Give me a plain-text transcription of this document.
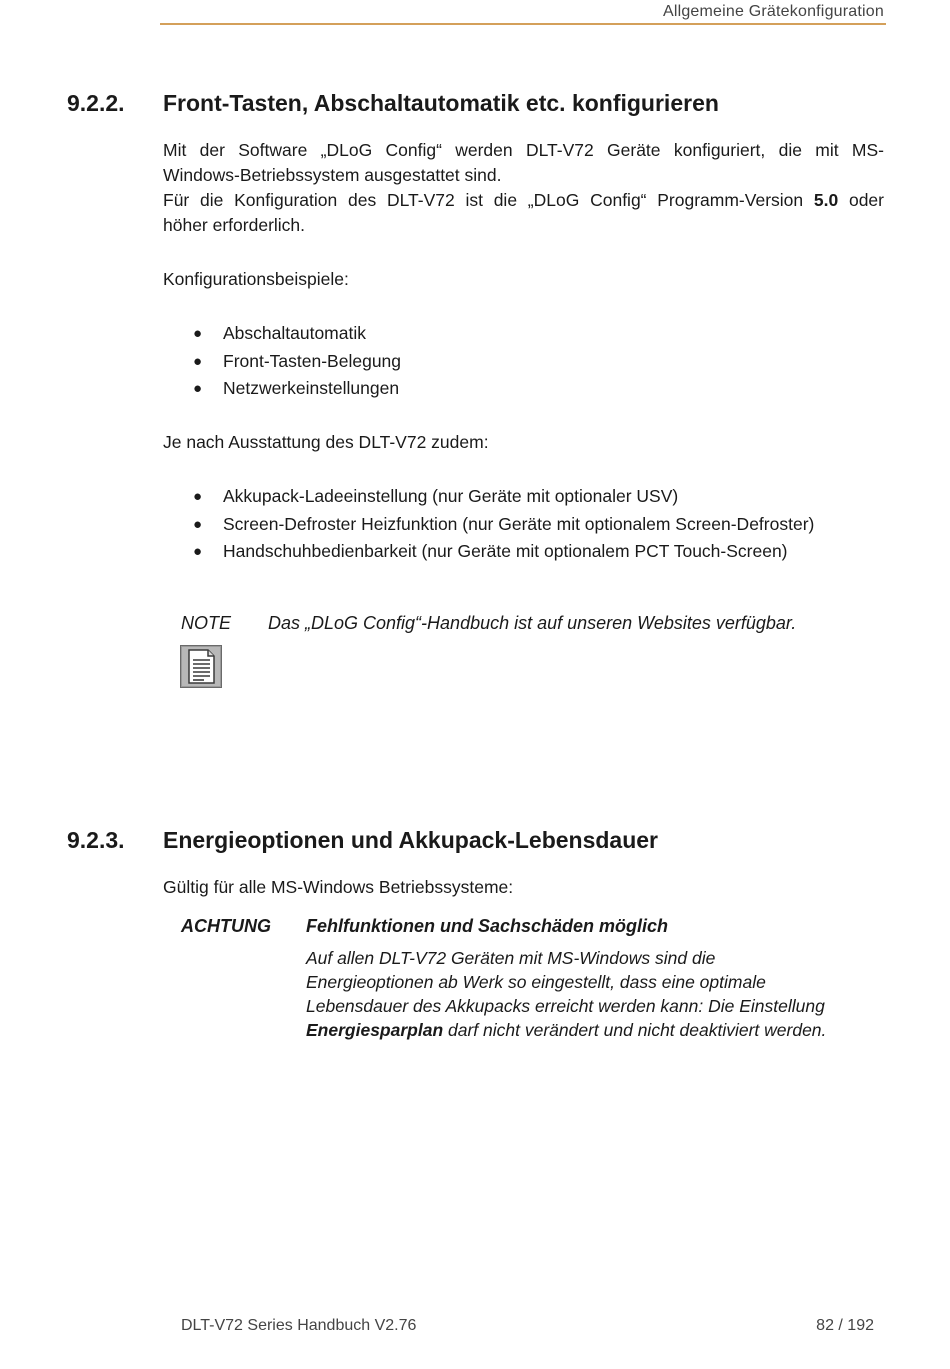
Allgemeine Grätekonfiguration
9.2.2. Front-Tasten, Abschaltautomatik etc. konfigurieren
Mit der Software „DLoG Config“ werden DLT-V72 Geräte konfiguriert, die mit MS-
Windows-Betriebssystem ausgestattet sind.
Für die Konfiguration des DLT-V72 ist die „DLoG Config“ Programm-Version 5.0 oder
höher erforderlich.
Konfigurationsbeispiele:
● Abschaltautomatik
● Front-Tasten-Belegung
● Netzwerkeinstellungen
Je nach Ausstattung des DLT-V72 zudem:
● Akkupack-Ladeeinstellung (nur Geräte mit optionaler USV)
● Screen-Defroster Heizfunktion (nur Geräte mit optionalem Screen-Defroster)
● Handschuhbedienbarkeit (nur Geräte mit optionalem PCT Touch-Screen)
NOTE Das „DLoG Config“-Handbuch ist auf unseren Websites verfügbar.
9.2.3. Energieoptionen und Akkupack-Lebensdauer
Gültig für alle MS-Windows Betriebssysteme:
ACHTUNG Fehlfunktionen und Sachschäden möglich
Auf allen DLT-V72 Geräten mit MS-Windows sind die
Energieoptionen ab Werk so eingestellt, dass eine optimale
Lebensdauer des Akkupacks erreicht werden kann: Die Einstellung
Energiesparplan darf nicht verändert und nicht deaktiviert werden.
DLT-V72 Series Handbuch V2.76	82 / 192
